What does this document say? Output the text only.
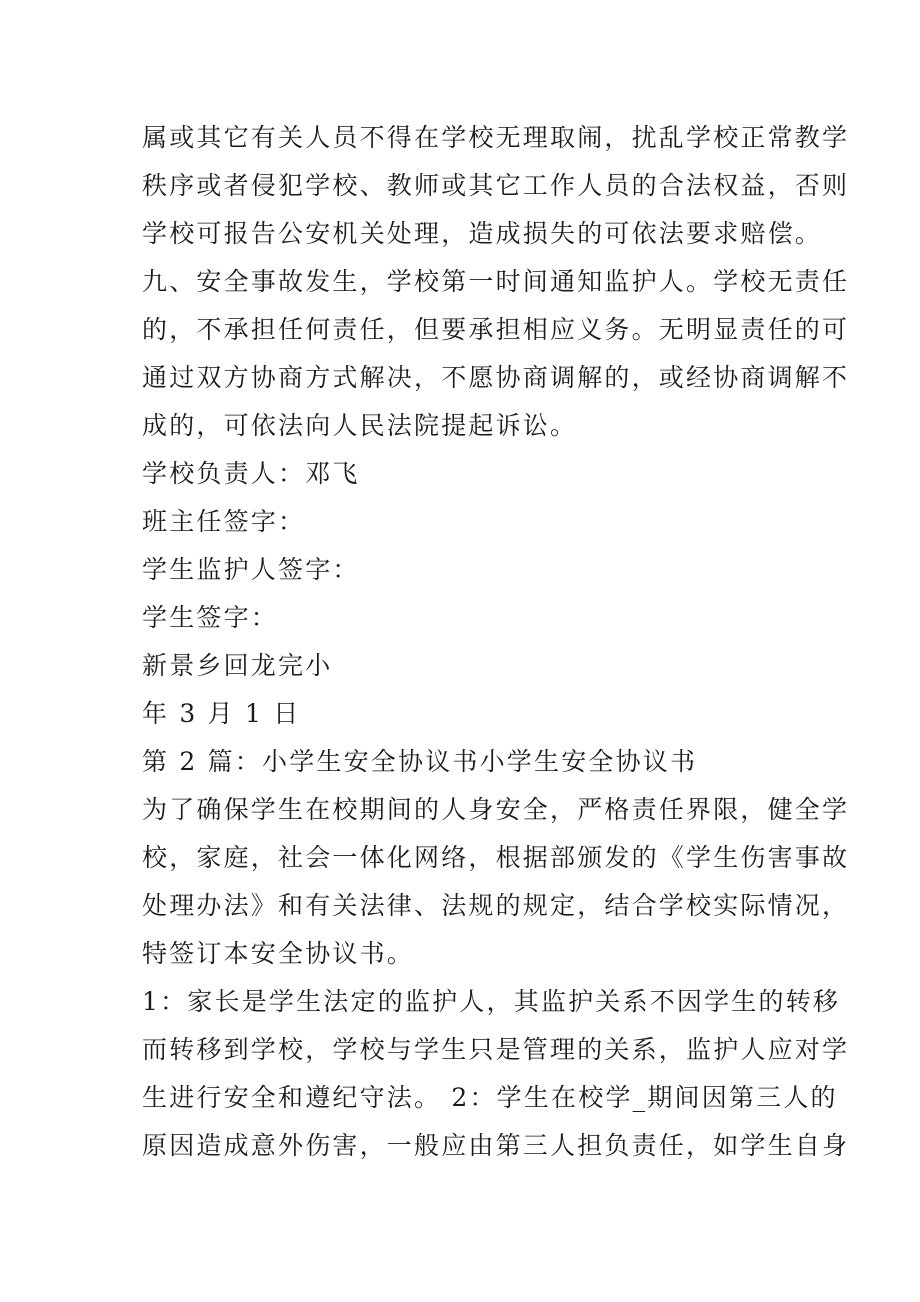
属或其它有关人员不得在学校无理取闹，扰乱学校正常教学
秩序或者侵犯学校、教师或其它工作人员的合法权益，否则
学校可报告公安机关处理，造成损失的可依法要求赔偿。
九、安全事故发生，学校第一时间通知监护人。学校无责任
的，不承担任何责任，但要承担相应义务。无明显责任的可
通过双方协商方式解决，不愿协商调解的，或经协商调解不
成的，可依法向人民法院提起诉讼。
学校负责人：邓飞
班主任签字：
学生监护人签字：
学生签字：
新景乡回龙完小
年 3 月 1 日
第 2 篇：小学生安全协议书小学生安全协议书
为了确保学生在校期间的人身安全，严格责任界限，健全学
校，家庭，社会一体化网络，根据部颁发的《学生伤害事故
处理办法》和有关法律、法规的规定，结合学校实际情况，
特签订本安全协议书。
1：家长是学生法定的监护人，其监护关系不因学生的转移
而转移到学校，学校与学生只是管理的关系，监护人应对学
生进行安全和遵纪守法。 2：学生在校学_期间因第三人的
原因造成意外伤害，一般应由第三人担负责任，如学生自身
